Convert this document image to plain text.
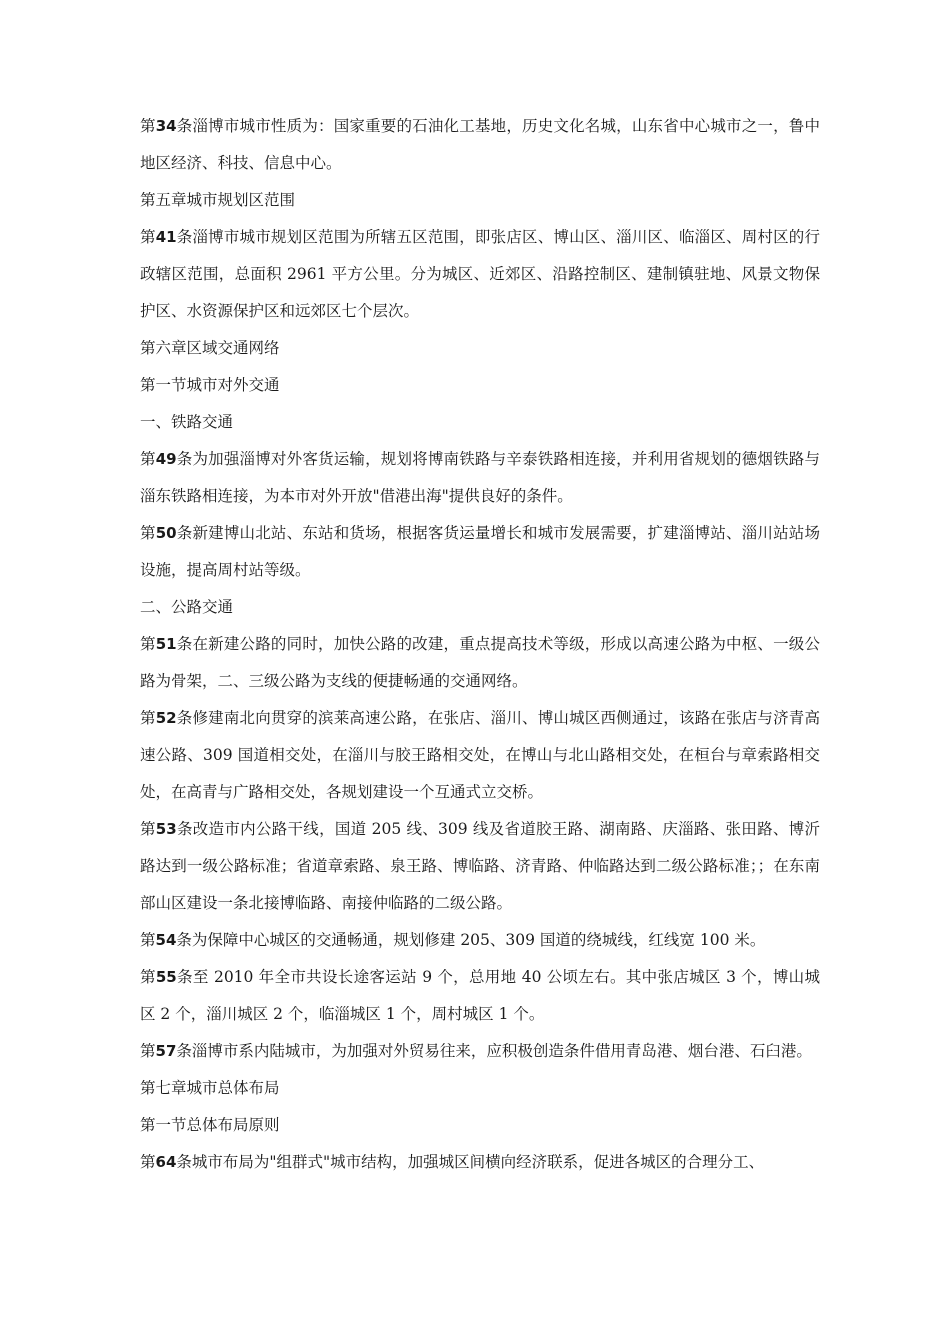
第34条淄博市城市性质为：国家重要的石油化工基地，历史文化名城，山东省中心城市之一，鲁中地区经济、科技、信息中心。

第五章城市规划区范围

第41条淄博市城市规划区范围为所辖五区范围，即张店区、博山区、淄川区、临淄区、周村区的行政辖区范围，总面积 2961 平方公里。分为城区、近郊区、沿路控制区、建制镇驻地、风景文物保护区、水资源保护区和远郊区七个层次。

第六章区域交通网络

第一节城市对外交通

一、铁路交通

第49条为加强淄博对外客货运输，规划将博南铁路与辛泰铁路相连接，并利用省规划的德烟铁路与淄东铁路相连接，为本市对外开放"借港出海"提供良好的条件。

第50条新建博山北站、东站和货场，根据客货运量增长和城市发展需要，扩建淄博站、淄川站站场设施，提高周村站等级。

二、公路交通

第51条在新建公路的同时，加快公路的改建，重点提高技术等级，形成以高速公路为中枢、一级公路为骨架，二、三级公路为支线的便捷畅通的交通网络。

第52条修建南北向贯穿的滨莱高速公路，在张店、淄川、博山城区西侧通过，该路在张店与济青高速公路、309 国道相交处，在淄川与胶王路相交处，在博山与北山路相交处，在桓台与章索路相交处，在高青与广路相交处，各规划建设一个互通式立交桥。

第53条改造市内公路干线，国道 205 线、309 线及省道胶王路、湖南路、庆淄路、张田路、博沂路达到一级公路标准；省道章索路、泉王路、博临路、济青路、仲临路达到二级公路标准；；在东南部山区建设一条北接博临路、南接仲临路的二级公路。

第54条为保障中心城区的交通畅通，规划修建 205、309 国道的绕城线，红线宽 100 米。

第55条至 2010 年全市共设长途客运站 9 个，总用地 40 公顷左右。其中张店城区 3 个，博山城区 2 个，淄川城区 2 个，临淄城区 1 个，周村城区 1 个。

第57条淄博市系内陆城市，为加强对外贸易往来，应积极创造条件借用青岛港、烟台港、石臼港。

第七章城市总体布局

第一节总体布局原则

第64条城市布局为"组群式"城市结构，加强城区间横向经济联系，促进各城区的合理分工、
